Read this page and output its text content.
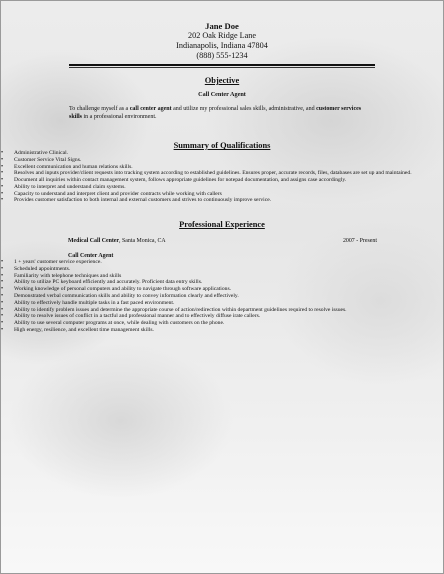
Jane Doe
202 Oak Ridge Lane
Indianapolis, Indiana 47804
(888) 555-1234
Objective
Call Center Agent
To challenge myself as a call center agent and utilize my professional sales skills, administrative, and customer services skills in a professional environment.
Summary of Qualifications
• Administrative Clinical.
• Customer Service Vital Signs.
• Excellent communication and human relations skills.
• Resolves and inputs provider/client requests into tracking system according to established guidelines. Ensures proper, accurate records, files, databases are set up and maintained.
• Document all inquiries within contact management system, follows appropriate guidelines for notepad documentation, and assigns case accordingly.
• Ability to interpret and understand claim systems.
• Capacity to understand and interpret client and provider contracts while working with callers
• Provides customer satisfaction to both internal and external customers and strives to continuously improve service.
Professional Experience
Medical Call Center, Santa Monica, CA	2007 - Present
Call Center Agent
• 1 + years' customer service experience.
• Scheduled appointments.
• Familiarity with telephone techniques and skills
• Ability to utilize PC keyboard efficiently and accurately. Proficient data entry skills.
• Working knowledge of personal computers and ability to navigate through software applications.
• Demonstrated verbal communication skills and ability to convey information clearly and effectively.
• Ability to effectively handle multiple tasks in a fast paced environment.
• Ability to identify problem issues and determine the appropriate course of action/redirection within department guidelines required to resolve issues.
• Ability to resolve issues of conflict in a tactful and professional manner and to effectively diffuse irate callers.
• Ability to use several computer programs at once, while dealing with customers on the phone.
• High energy, resilience, and excellent time management skills.
